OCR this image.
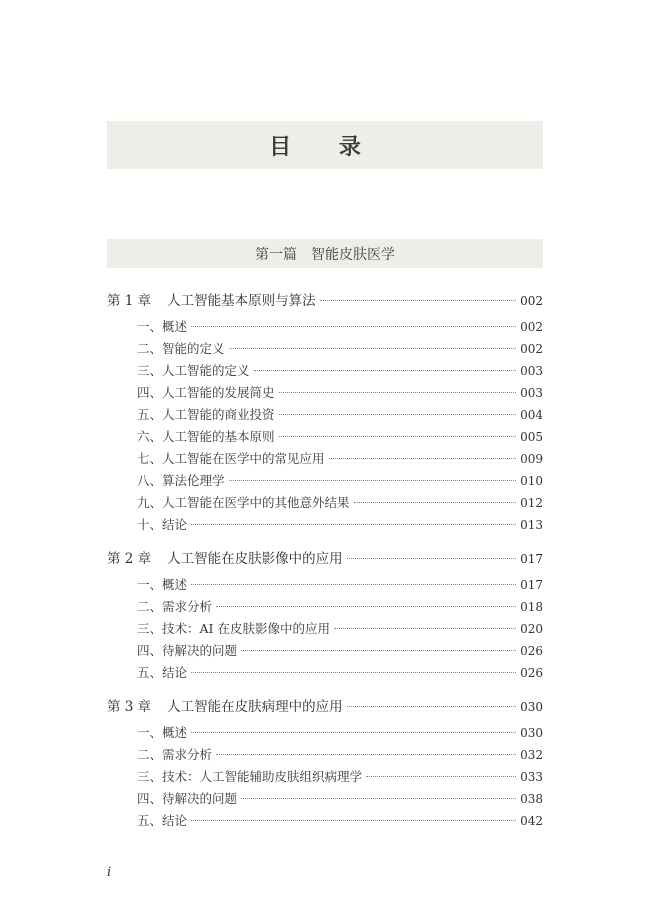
目 录
第一篇　智能皮肤医学
第 1 章 人工智能基本原则与算法	002
一、概述	002
二、智能的定义	002
三、人工智能的定义	003
四、人工智能的发展简史	003
五、人工智能的商业投资	004
六、人工智能的基本原则	005
七、人工智能在医学中的常见应用	009
八、算法伦理学	010
九、人工智能在医学中的其他意外结果	012
十、结论	013
第 2 章 人工智能在皮肤影像中的应用	017
一、概述	017
二、需求分析	018
三、技术：AI 在皮肤影像中的应用	020
四、待解决的问题	026
五、结论	026
第 3 章 人工智能在皮肤病理中的应用	030
一、概述	030
二、需求分析	032
三、技术：人工智能辅助皮肤组织病理学	033
四、待解决的问题	038
五、结论	042
i
